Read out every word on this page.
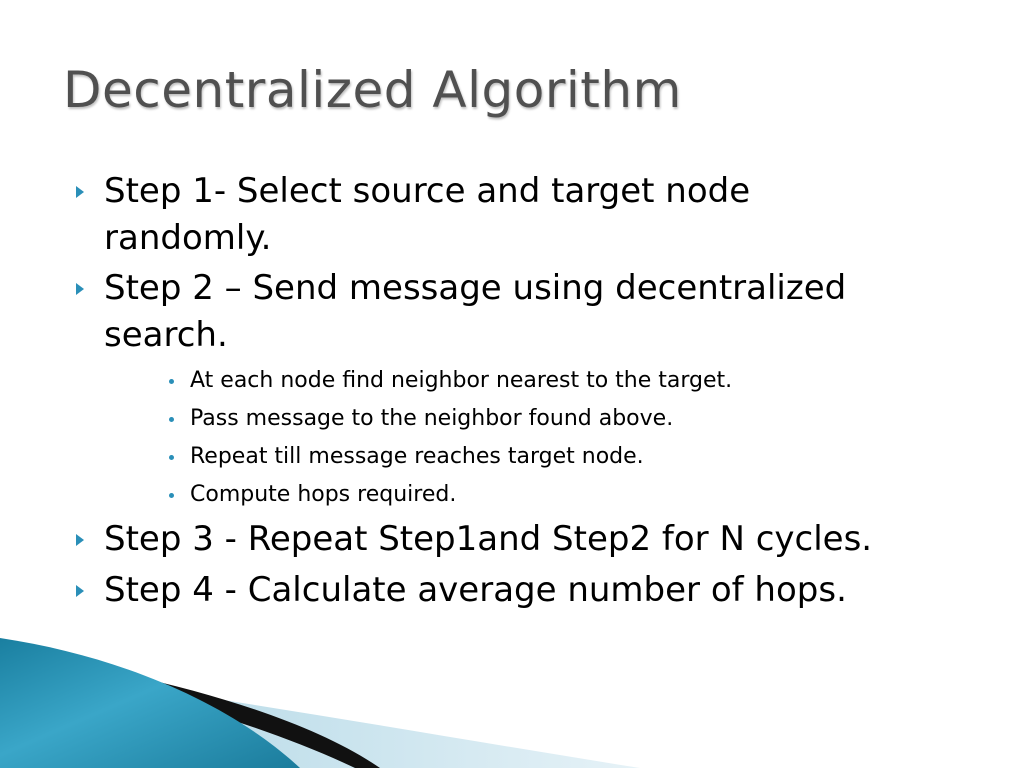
Decentralized Algorithm
Step 1- Select source and target node
randomly.
Step 2 – Send message using decentralized
search.
At each node find neighbor nearest to the target.
Pass message to the neighbor found above.
Repeat till message reaches target node.
Compute hops required.
Step 3 - Repeat Step1and Step2 for N cycles.
Step 4 - Calculate average number of hops.
